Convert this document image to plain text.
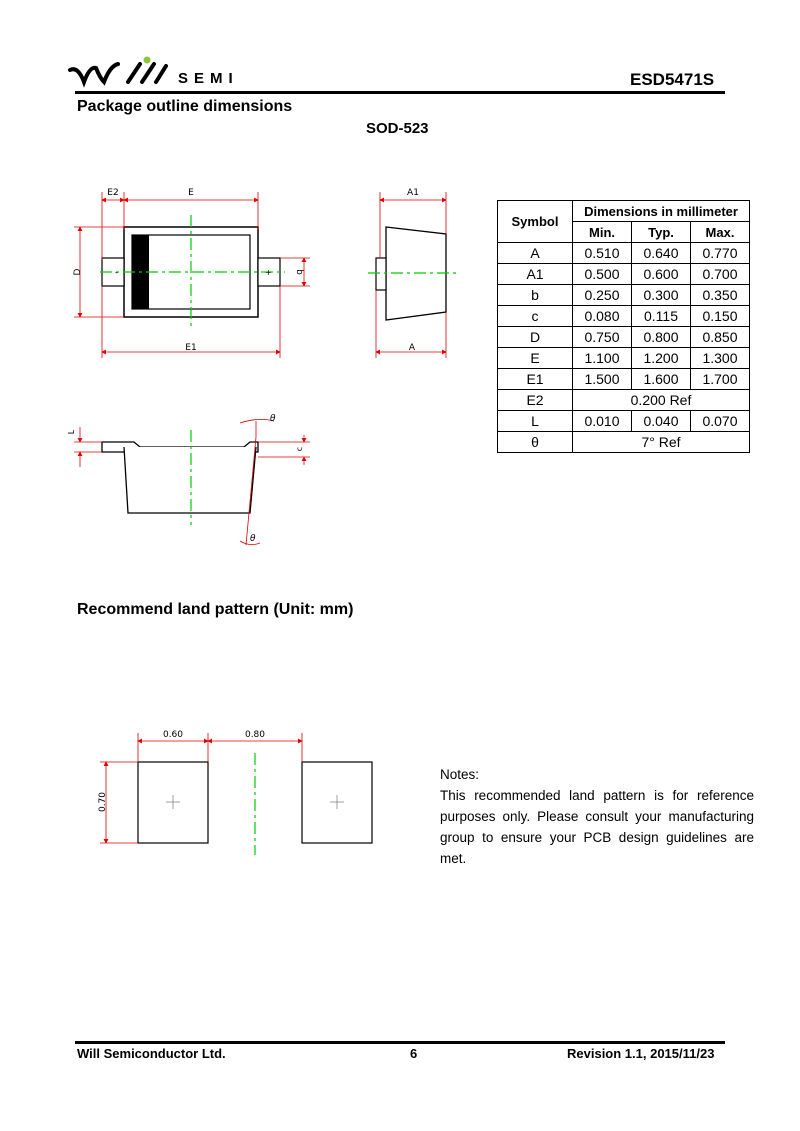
SEMI	ESD5471S
Package outline dimensions
SOD-523
E2	E
D	b
E1
-	+
A1
A
L
c
θ
θ
Symbol	Dimensions in millimeter		
	Min.	Typ.	Max.
A	0.510	0.640	0.770
A1	0.500	0.600	0.700
b	0.250	0.300	0.350
c	0.080	0.115	0.150
D	0.750	0.800	0.850
E	1.100	1.200	1.300
E1	1.500	1.600	1.700
E2	0.200 Ref		
L	0.010	0.040	0.070
θ	7° Ref		
Recommend land pattern (Unit: mm)
0.60	0.80
0.70
Notes:
This recommended land pattern is for reference purposes only. Please consult your manufacturing group to ensure your PCB design guidelines are met.
Will Semiconductor Ltd.	6	Revision 1.1, 2015/11/23
